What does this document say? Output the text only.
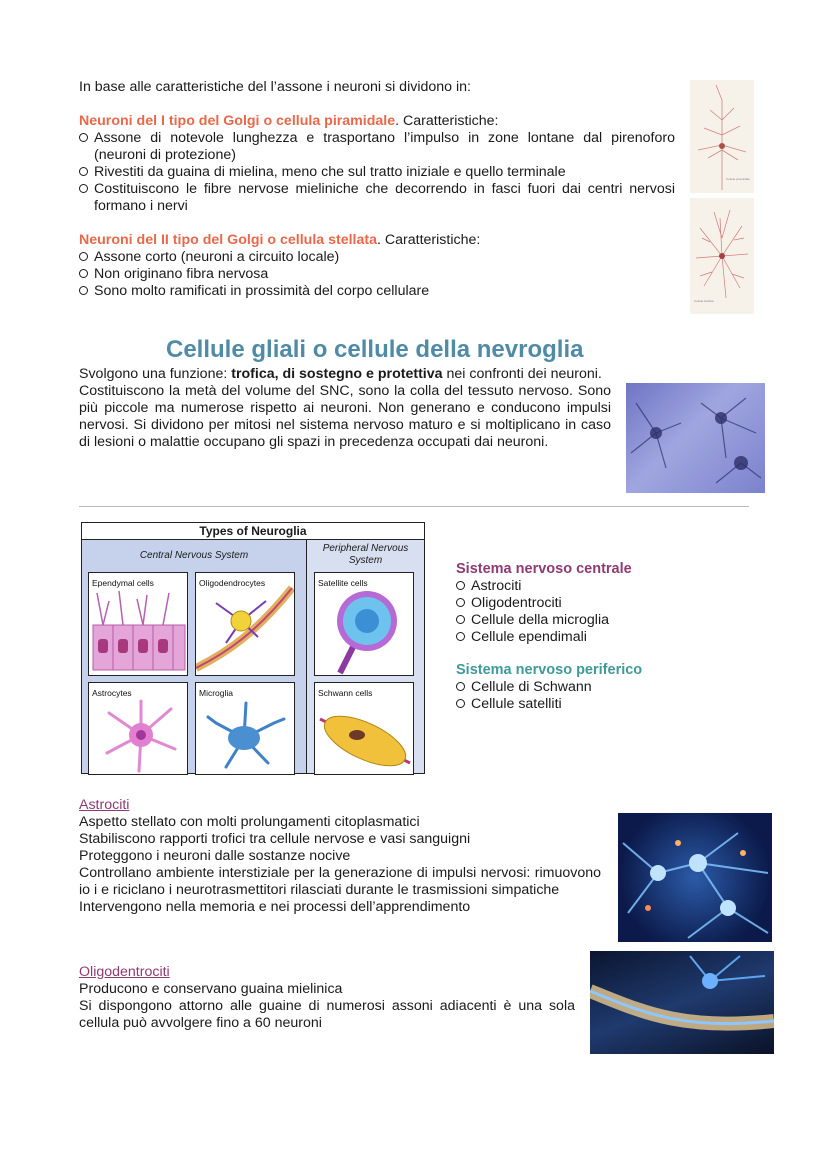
In base alle caratteristiche del l’assone i neuroni si dividono in:

Neuroni del I tipo del Golgi o cellula piramidale. Caratteristiche:

Assone di notevole lunghezza e trasportano l’impulso in zone lontane dal pirenoforo (neuroni di protezione)
Rivestiti da guaina di mielina, meno che sul tratto iniziale e quello terminale
Costituiscono le fibre nervose mieliniche che decorrendo in fasci fuori dai centri nervosi formano i nervi

Neuroni del II tipo del Golgi o cellula stellata. Caratteristiche:

Assone corto (neuroni a circuito locale)
Non originano fibra nervosa
Sono molto ramificati in prossimità del corpo cellulare
Cellula piramidale
Cellula stellata
Cellule gliali o cellule della nevroglia

Svolgono una funzione: trofica, di sostegno e protettiva nei confronti dei neuroni.

Costituiscono la metà del volume del SNC, sono la colla del tessuto nervoso. Sono più piccole ma numerose rispetto ai neuroni. Non generano e conducono impulsi nervosi. Si dividono per mitosi nel sistema nervoso maturo e si moltiplicano in caso di lesioni o malattie occupano gli spazi in precedenza occupati dai neuroni.

Types of Neuroglia
Central Nervous System
Peripheral Nervous System
Ependymal cells	Oligodendrocytes	Satellite cells
Astrocytes	Microglia	Schwann cells

Sistema nervoso centrale

Astrociti
Oligodentrociti
Cellule della microglia
Cellule ependimali

Sistema nervoso periferico

Cellule di Schwann
Cellule satelliti

Astrociti

Aspetto stellato con molti prolungamenti citoplasmatici

Stabiliscono rapporti trofici tra cellule nervose e vasi sanguigni

Proteggono i neuroni dalle sostanze nocive

Controllano ambiente interstiziale per la generazione di impulsi nervosi: rimuovono io i e riciclano i neurotrasmettitori rilasciati durante le trasmissioni simpatiche

Intervengono nella memoria e nei processi dell’apprendimento

Oligodentrociti

Producono e conservano guaina mielinica

Si dispongono attorno alle guaine di numerosi assoni adiacenti è una sola cellula può avvolgere fino a 60 neuroni
